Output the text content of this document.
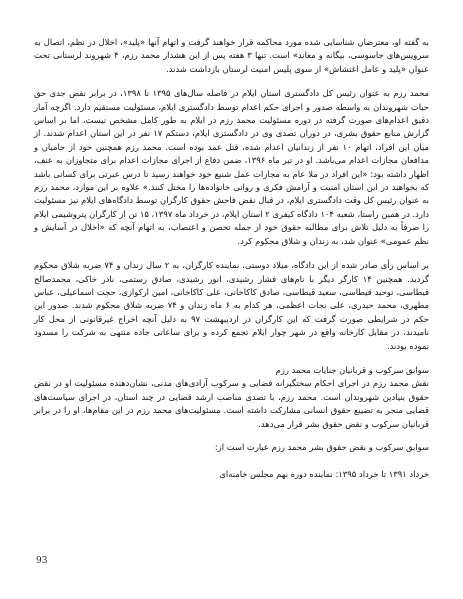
به گفته او، معترضان شناسایی شده مورد محاکمه قرار خواهند گرفت و اتهام آنها «پلید»، اخلال در نظم، اتصال به سرویس‌های جاسوسی، بیگانه و معاند» است. تنها ۳ هفته پس از این هشدار محمد رزم، ۴ شهروند لرستانی تحت عنوان «پلید و عامل اغتشاش» از سوی پلیس امنیت لرستان بازداشت شدند.

محمد رزم به عنوان رئیس کل دادگستری استان ایلام در فاصله سال‌های ۱۳۹۵ تا ۱۳۹۸، در برابر نقض جدی حق حیات شهروندان به واسطه صدور و اجرای حکم اعدام توسط دادگستری ایلام، مسئولیت مستقیم دارد. اگرچه آمار دقیق اعدام‌های صورت گرفته در دوره مسئولیت محمد رزم در ایلام به طور کامل مشخص نیست، اما بر اساس گزارش منابع حقوق بشری، در دوران تصدی وی در دادگستری ایلام، دستکم ۱۷ نفر در این استان اعدام شدند. از میان این افراد، اتهام ۱۰ نفر از زندانیان اعدام شده، قتل عمد بوده است. محمد رزم همچنین خود از حامیان و مدافعان مجازات اعدام می‌باشد. او در تیر ماه ۱۳۹۶، ضمن دفاع از اجرای مجازات اعدام برای متجاوزان به عنف، اظهار داشته بود: «این افراد در ملا عام به مجازات عمل شنیع خود خواهند رسید تا درس عبرتی برای کسانی باشد که بخواهند در این استان امنیت و آرامش فکری و روانی خانواده‌ها را مختل کنند.» علاوه بر این موارد، محمد رزم به عنوان رئیس کل وقت دادگستری ایلام، در قبال نقض فاحش حقوق کارگران توسط دادگاه‌های ایلام نیز مسئولیت دارد. در همین راستا، شعبه ۱۰۴ دادگاه کیفری ۲ استان ایلام، در خرداد ماه ۱۳۹۷، ۱۵ تن از کارگران پتروشیمی ایلام را صرفاً به دلیل تلاش برای مطالبه حقوق خود از جمله تحصن و اعتصاب، به اتهام آنچه که «اخلال در آسایش و نظم عمومی» عنوان شد، به زندان و شلاق محکوم کرد.

بر اساس رأی صادر شده از این دادگاه، میلاد دوستی، نماینده کارگران، به ۲ سال زندان و ۷۴ ضربه شلاق محکوم گردید. همچنین ۱۴ کارگر دیگر با نام‌های فشار رشیدی، انور رشیدی، صادق رستمی، نادر خاکی، محمدصالح قیطاسی، توحید قیطاسی، سعید قیطاسی، صادق کاکاخانی، علی کاکاخانی، امین ارکوازی، حجت اسماعیلی، عباس مطهری، محمد حیدری، علی نجات اعظمی، هر کدام به ۶ ماه زندان و ۷۴ ضربه شلاق محکوم شدند. صدور این حکم در شرایطی صورت گرفت که این کارگران در اردیبهشت ۹۷ به دلیل آنچه اخراج غیرقانونی از محل کار نامیدند، در مقابل کارخانه واقع در شهر چوار ایلام تجمع کرده و برای ساعاتی جاده منتهی به شرکت را مسدود نموده بودند.

سوابق سرکوب و قربانیان جنایات محمد رزم

نقش محمد رزم در اجرای احکام سختگیرانه قضایی و سرکوب آزادی‌های مدنی، نشان‌دهنده مسئولیت او در نقض حقوق بنیادین شهروندان است. محمد رزم، با تصدی مناصب ارشد قضایی در چند استان، در اجرای سیاست‌های قضایی منجر به تضییع حقوق انسانی مشارکت داشته است. مسئولیت‌های محمد رزم در این مقام‌ها، او را در برابر قربانیان سرکوب و نقض حقوق بشر قرار می‌دهد.

سوابق سرکوب و نقض حقوق بشر محمد رزم عبارت است از:

خرداد ۱۳۹۱ تا خرداد ۱۳۹۵: نماینده دوره نهم مجلس خامنه‌ای

93
